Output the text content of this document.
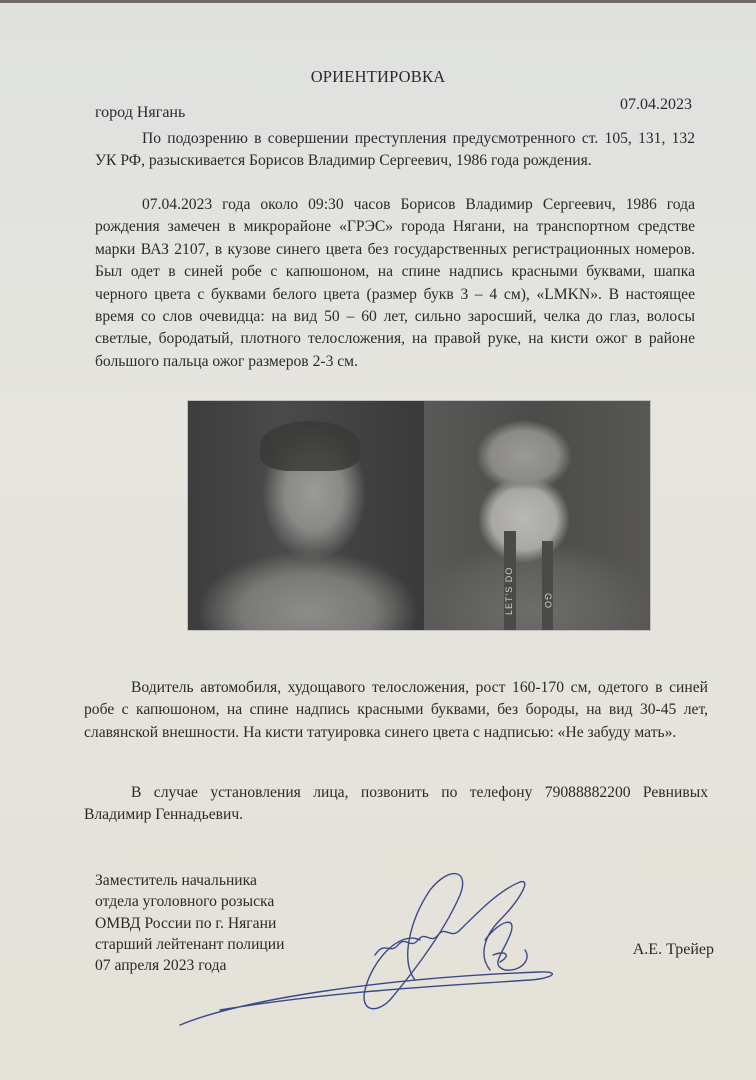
ОРИЕНТИРОВКА
город Нягань	07.04.2023

По подозрению в совершении преступления предусмотренного ст. 105, 131, 132 УК РФ, разыскивается Борисов Владимир Сергеевич, 1986 года рождения.

07.04.2023 года около 09:30 часов Борисов Владимир Сергеевич, 1986 года рождения замечен в микрорайоне «ГРЭС» города Нягани, на транспортном средстве марки ВАЗ 2107, в кузове синего цвета без государственных регистрационных номеров. Был одет в синей робе с капюшоном, на спине надпись красными буквами, шапка черного цвета с буквами белого цвета (размер букв 3 – 4 см), «LMKN». В настоящее время со слов очевидца: на вид 50 – 60 лет, сильно заросший, челка до глаз, волосы светлые, бородатый, плотного телосложения, на правой руке, на кисти ожог в районе большого пальца ожог размеров 2-3 см.

LET'S DO	GO

Водитель автомобиля, худощавого телосложения, рост 160-170 см, одетого в синей робе с капюшоном, на спине надпись красными буквами, без бороды, на вид 30-45 лет, славянской внешности. На кисти татуировка синего цвета с надписью: «Не забуду мать».

В случае установления лица, позвонить по телефону 79088882200 Ревнивых Владимир Геннадьевич.

Заместитель начальника
отдела уголовного розыска
ОМВД России по г. Нягани
старший лейтенант полиции
07 апреля 2023 года
А.Е. Трейер
